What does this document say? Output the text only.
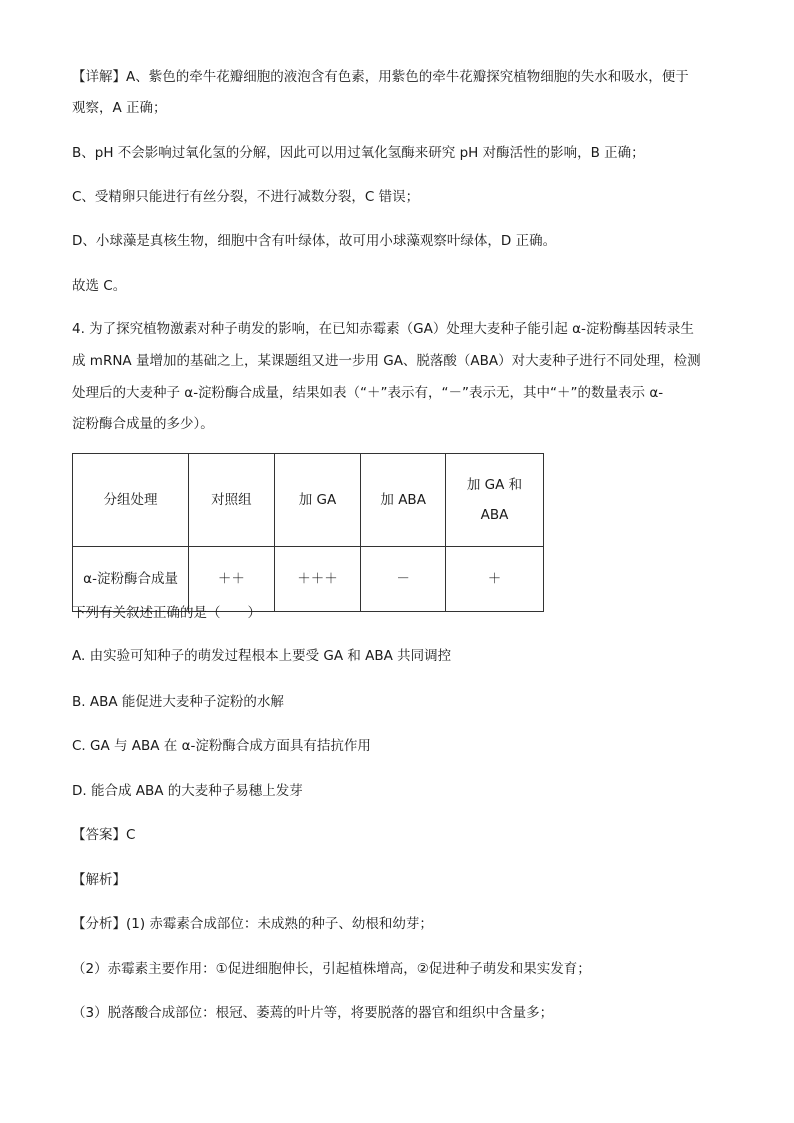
【详解】A、紫色的牵牛花瓣细胞的液泡含有色素，用紫色的牵牛花瓣探究植物细胞的失水和吸水，便于
观察，A 正确；
B、pH 不会影响过氧化氢的分解，因此可以用过氧化氢酶来研究 pH 对酶活性的影响，B 正确；
C、受精卵只能进行有丝分裂，不进行减数分裂，C 错误；
D、小球藻是真核生物，细胞中含有叶绿体，故可用小球藻观察叶绿体，D 正确。
故选 C。
4. 为了探究植物激素对种子萌发的影响，在已知赤霉素（GA）处理大麦种子能引起 α-淀粉酶基因转录生
成 mRNA 量增加的基础之上，某课题组又进一步用 GA、脱落酸（ABA）对大麦种子进行不同处理，检测
处理后的大麦种子 α-淀粉酶合成量，结果如表（“＋”表示有，“－”表示无，其中“＋”的数量表示 α-
淀粉酶合成量的多少）。
分组处理	对照组	加 GA	加 ABA	加 GA 和 ABA
α-淀粉酶合成量	＋＋	＋＋＋	－	＋
下列有关叙述正确的是（　　）
A. 由实验可知种子的萌发过程根本上要受 GA 和 ABA 共同调控
B. ABA 能促进大麦种子淀粉的水解
C. GA 与 ABA 在 α-淀粉酶合成方面具有拮抗作用
D. 能合成 ABA 的大麦种子易穗上发芽
【答案】C
【解析】
【分析】(1) 赤霉素合成部位：未成熟的种子、幼根和幼芽；
（2）赤霉素主要作用：①促进细胞伸长，引起植株增高，②促进种子萌发和果实发育；
（3）脱落酸合成部位：根冠、萎蔫的叶片等，将要脱落的器官和组织中含量多；
